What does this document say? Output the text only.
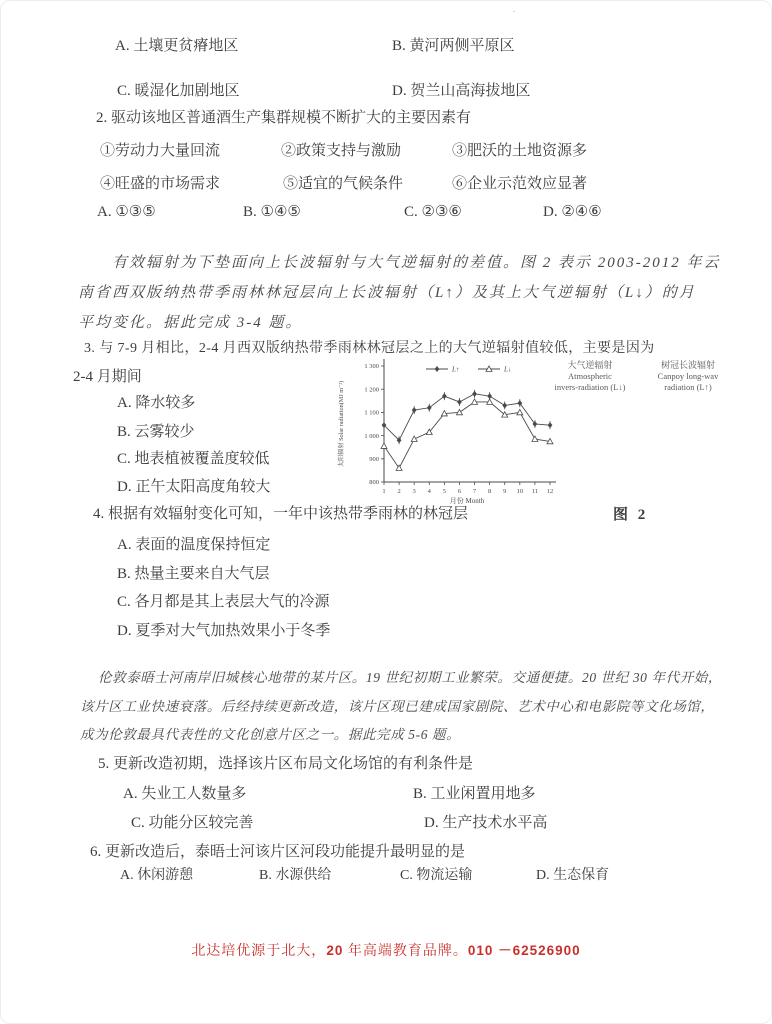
·
A. 土壤更贫瘠地区	B. 黄河两侧平原区
C. 暖湿化加剧地区	D. 贺兰山高海拔地区
2. 驱动该地区普通酒生产集群规模不断扩大的主要因素有
①劳动力大量回流	②政策支持与激励	③肥沃的土地资源多
④旺盛的市场需求	⑤适宜的气候条件	⑥企业示范效应显著
A. ①③⑤	B. ①④⑤	C. ②③⑥	D. ②④⑥
有效辐射为下垫面向上长波辐射与大气逆辐射的差值。图 2 表示 2003-2012 年云
南省西双版纳热带季雨林林冠层向上长波辐射（L↑）及其上大气逆辐射（L↓）的月
平均变化。据此完成 3-4 题。
3. 与 7-9 月相比，2-4 月西双版纳热带季雨林林冠层之上的大气逆辐射值较低，主要是因为
2-4 月期间
A. 降水较多
B. 云雾较少
C. 地表植被覆盖度较低
D. 正午太阳高度角较大	800
900
1 000
1 100
1 200
1 300
1 2 3 4 5 6 7 8 9 10 11 12
月份 Month
太阳辐射 Solar radiation(MJ m⁻²)
L↑	L↓	大气逆辐射
Atmospheric
invers-radiation (L↓)
树冠长波辐射
Canpoy long-wav
radiation (L↑)
图 2
4. 根据有效辐射变化可知，一年中该热带季雨林的林冠层
A. 表面的温度保持恒定
B. 热量主要来自大气层
C. 各月都是其上表层大气的冷源
D. 夏季对大气加热效果小于冬季
伦敦泰晤士河南岸旧城核心地带的某片区。19 世纪初期工业繁荣。交通便捷。20 世纪 30 年代开始，
该片区工业快速衰落。后经持续更新改造，该片区现已建成国家剧院、艺术中心和电影院等文化场馆，
成为伦敦最具代表性的文化创意片区之一。据此完成 5-6 题。
5. 更新改造初期，选择该片区布局文化场馆的有利条件是
A. 失业工人数量多	B. 工业闲置用地多
C. 功能分区较完善	D. 生产技术水平高
6. 更新改造后，泰晤士河该片区河段功能提升最明显的是
A. 休闲游憩	B. 水源供给	C. 物流运输	D. 生态保育
北达培优源于北大，20 年高端教育品牌。010 －62526900
